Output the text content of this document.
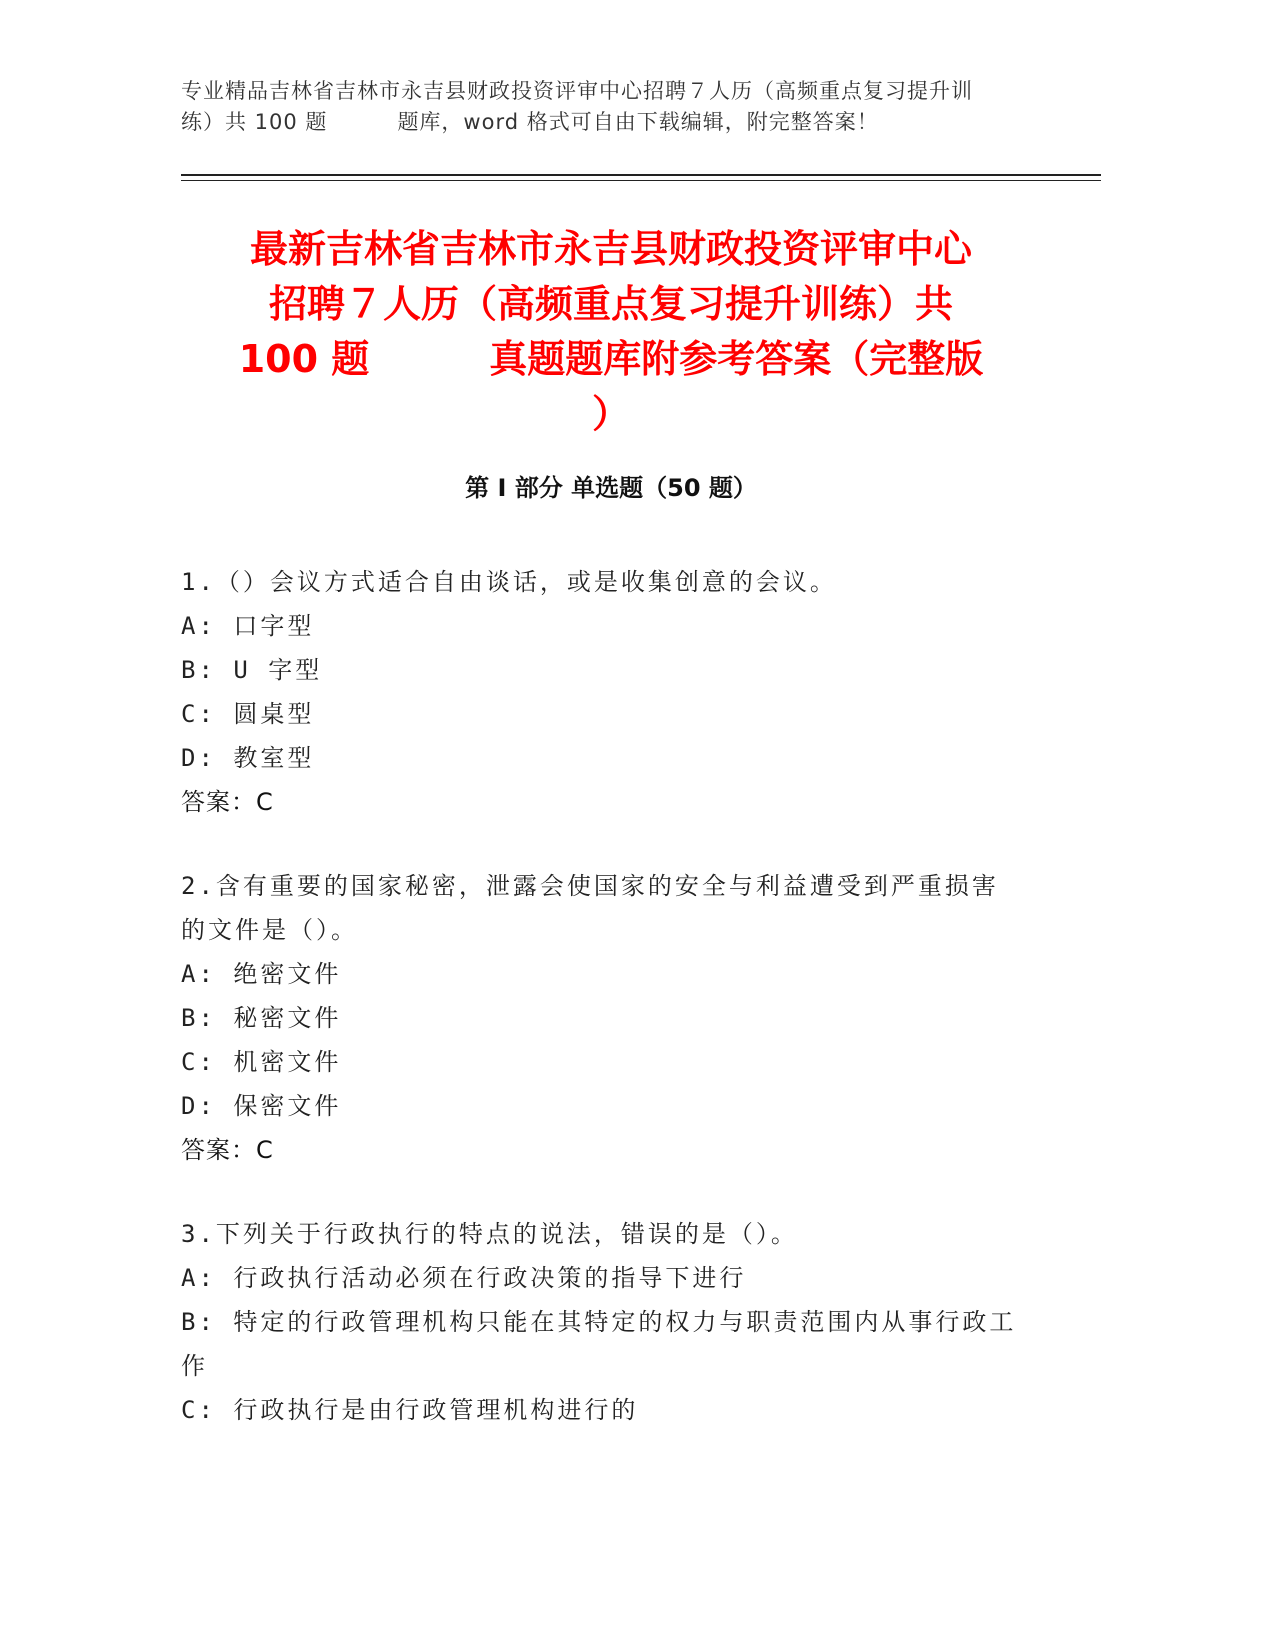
专业精品吉林省吉林市永吉县财政投资评审中心招聘７人历（高频重点复习提升训
练）共 100 题	题库，word 格式可自由下载编辑，附完整答案！
最新吉林省吉林市永吉县财政投资评审中心
招聘７人历（高频重点复习提升训练）共
100 题	真题题库附参考答案（完整版
）
第 I 部分 单选题（50 题）
1.（）会议方式适合自由谈话，或是收集创意的会议。
A: 口字型
B: U 字型
C: 圆桌型
D: 教室型
答案：C
2.含有重要的国家秘密，泄露会使国家的安全与利益遭受到严重损害
的文件是（）。
A: 绝密文件
B: 秘密文件
C: 机密文件
D: 保密文件
答案：C
3.下列关于行政执行的特点的说法，错误的是（）。
A: 行政执行活动必须在行政决策的指导下进行
B: 特定的行政管理机构只能在其特定的权力与职责范围内从事行政工
作
C: 行政执行是由行政管理机构进行的
